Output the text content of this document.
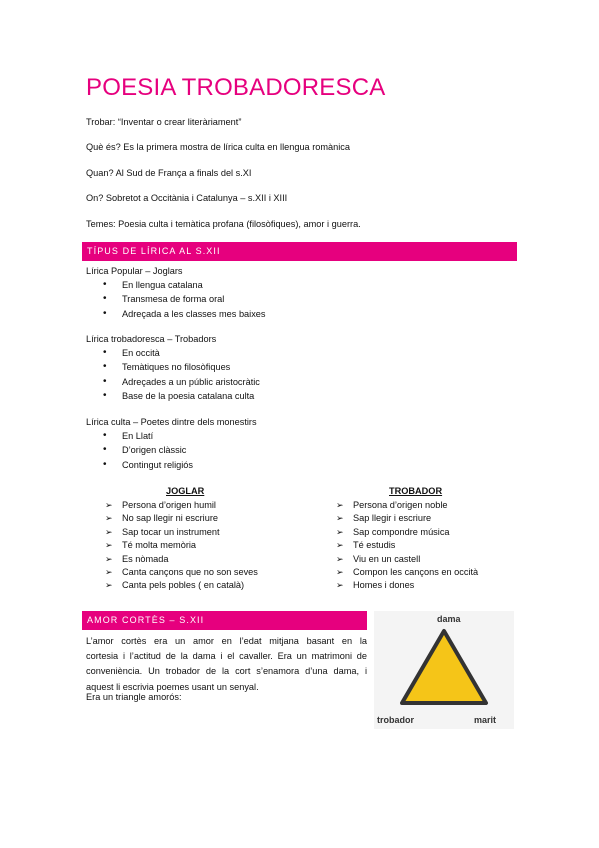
POESIA TROBADORESCA
Trobar: “Inventar o crear literàriament”
Què és? Es la primera mostra de lírica culta en llengua romànica
Quan? Al Sud de França a finals del s.XI
On? Sobretot a Occitània i Catalunya – s.XII i XIII
Temes: Poesia culta i temàtica profana (filosòfiques), amor i guerra.
TÍPUS DE LÍRICA AL S.XII
Lírica Popular – Joglars
• En llengua catalana
• Transmesa de forma oral
• Adreçada a les classes mes baixes
Lírica trobadoresca – Trobadors
• En occità
• Temàtiques no filosòfiques
• Adreçades a un públic aristocràtic
• Base de la poesia catalana culta
Lírica culta – Poetes dintre dels monestirs
• En Llatí
• D’origen clàssic
• Contingut religiós
JOGLAR
➢ Persona d’origen humil
➢ No sap llegir ni escriure
➢ Sap tocar un instrument
➢ Té molta memòria
➢ Es nòmada
➢ Canta cançons que no son seves
➢ Canta pels pobles ( en català)
TROBADOR
➢ Persona d’origen noble
➢ Sap llegir i escriure
➢ Sap compondre música
➢ Té estudis
➢ Viu en un castell
➢ Compon les cançons en occità
➢ Homes i dones
AMOR CORTÈS – S.XII
L’amor cortès era un amor en l’edat mitjana basant en la
cortesia i l’actitud de la dama i el cavaller. Era un matrimoni de
conveniència. Un trobador de la cort s’enamora d’una dama, i
aquest li escrivia poemes usant un senyal.
Era un triangle amorós:
dama
trobador	marit
